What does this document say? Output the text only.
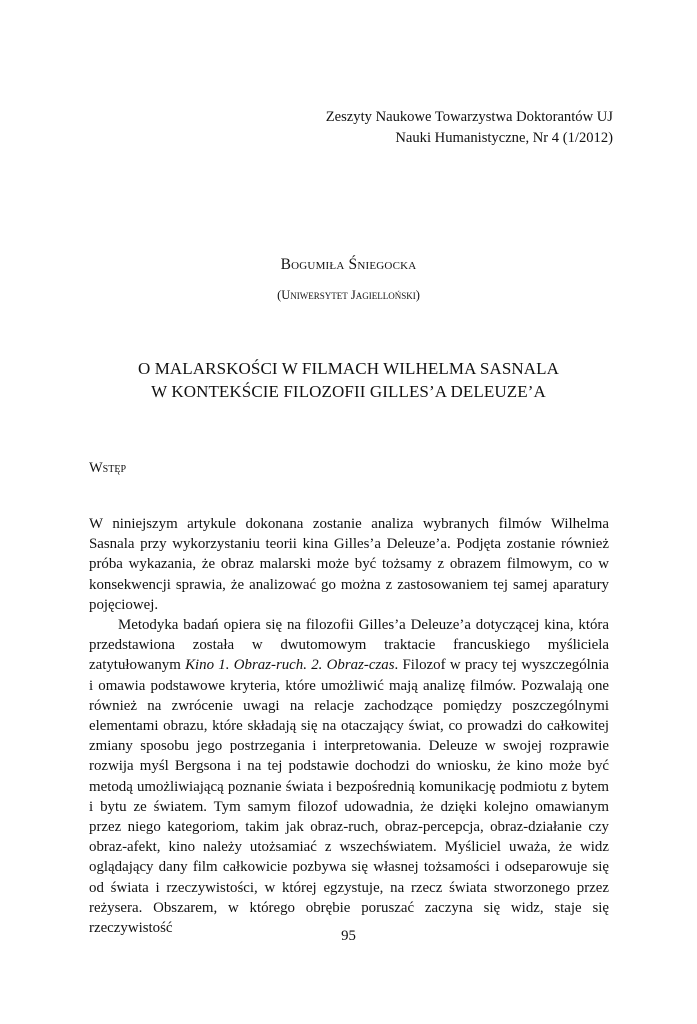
Zeszyty Naukowe Towarzystwa Doktorantów UJ
Nauki Humanistyczne, Nr 4 (1/2012)
Bogumiła Śniegocka
(Uniwersytet Jagielloński)
O MALARSKOŚCI W FILMACH WILHELMA SASNALA
W KONTEKŚCIE FILOZOFII GILLES’A DELEUZE’A
Wstęp

W niniejszym artykule dokonana zostanie analiza wybranych filmów Wilhelma Sasnala przy wykorzystaniu teorii kina Gilles’a Deleuze’a. Podjęta zostanie również próba wykazania, że obraz malarski może być tożsamy z obrazem filmowym, co w konsekwencji sprawia, że analizować go można z zastosowaniem tej samej aparatury pojęciowej.

Metodyka badań opiera się na filozofii Gilles’a Deleuze’a dotyczącej kina, która przedstawiona została w dwutomowym traktacie francuskiego myśliciela zatytułowanym Kino 1. Obraz-ruch. 2. Obraz-czas. Filozof w pracy tej wyszczególnia i omawia podstawowe kryteria, które umożliwić mają analizę filmów. Pozwalają one również na zwrócenie uwagi na relacje zachodzące pomiędzy poszczególnymi elementami obrazu, które składają się na otaczający świat, co prowadzi do całkowitej zmiany sposobu jego postrzegania i interpretowania. Deleuze w swojej rozprawie rozwija myśl Bergsona i na tej podstawie dochodzi do wniosku, że kino może być metodą umożliwiającą poznanie świata i bezpośrednią komunikację podmiotu z bytem i bytu ze światem. Tym samym filozof udowadnia, że dzięki kolejno omawianym przez niego kategoriom, takim jak obraz-ruch, obraz-percepcja, obraz-działanie czy obraz-afekt, kino należy utożsamiać z wszechświatem. Myśliciel uważa, że widz oglądający dany film całkowicie pozbywa się własnej tożsamości i odseparowuje się od świata i rzeczywistości, w której egzystuje, na rzecz świata stworzonego przez reżysera. Obszarem, w którego obrębie poruszać zaczyna się widz, staje się rzeczywistość	95
